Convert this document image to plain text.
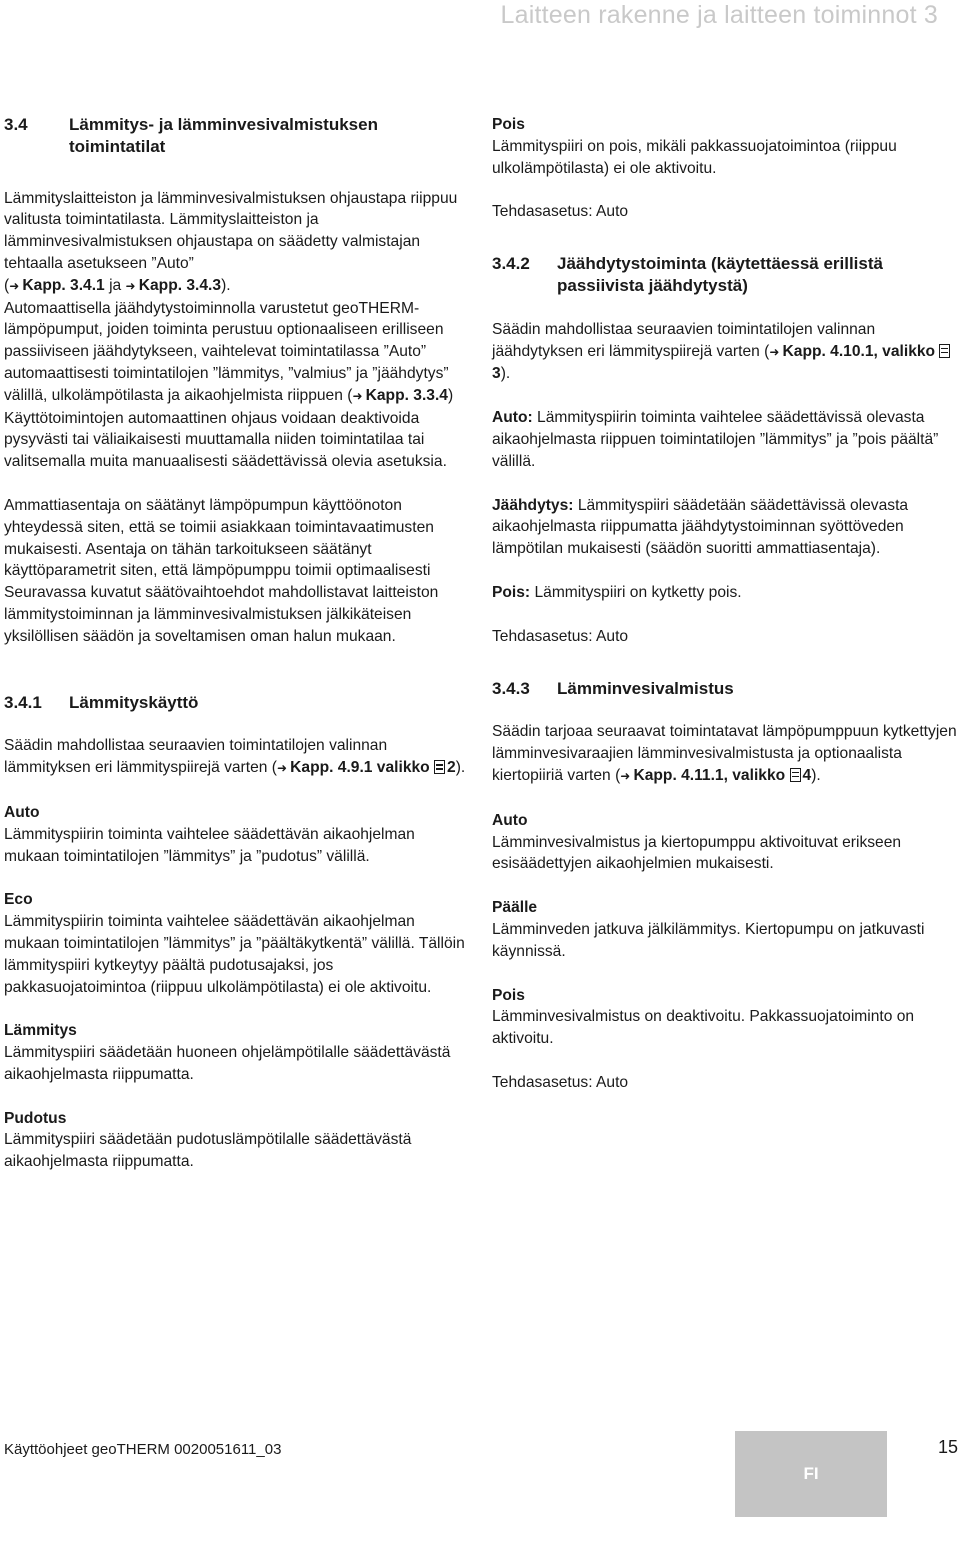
Laitteen rakenne ja laitteen toiminnot 3
3.4	Lämmitys- ja lämminvesivalmistuksen
toimintatilat

Lämmityslaitteiston ja lämminvesivalmistuksen ohjaustapa riippuu valitusta toimintatilasta. Lämmityslaitteiston ja lämminvesivalmistuksen ohjaustapa on säädetty valmistajan tehtaalla asetukseen ”Auto”
(➜  Kapp. 3.4.1 ja ➜  Kapp. 3.4.3).

Automaattisella jäähdytystoiminnolla varustetut geoTHERM-lämpöpumput, joiden toiminta perustuu optionaaliseen erilliseen passiiviseen jäähdytykseen, vaihtelevat toimintatilassa ”Auto” automaattisesti toimintatilojen ”lämmitys, ”valmius” ja ”jäähdytys” välillä, ulkolämpötilasta ja aikaohjelmista riippuen (➜  Kapp. 3.3.4)

Käyttötoimintojen automaattinen ohjaus voidaan deaktivoida pysyvästi tai väliaikaisesti muuttamalla niiden toimintatilaa tai valitsemalla muita manuaalisesti säädettävissä olevia asetuksia.

Ammattiasentaja on säätänyt lämpöpumpun käyttöönoton yhteydessä siten, että se toimii asiakkaan toimintavaatimusten mukaisesti. Asentaja on tähän tarkoitukseen säätänyt käyttöparametrit siten, että lämpöpumppu toimii optimaalisesti Seuravassa kuvatut säätövaihtoehdot mahdollistavat laitteiston lämmitystoiminnan ja lämminvesivalmistuksen jälkikäteisen yksilöllisen säädön ja soveltamisen oman halun mukaan.

3.4.1	Lämmityskäyttö

Säädin mahdollistaa seuraavien toimintatilojen valinnan lämmityksen eri lämmityspiirejä varten (➜  Kapp. 4.9.1 valikko 2).

Auto

Lämmityspiirin toiminta vaihtelee säädettävän aikaohjelman mukaan toimintatilojen ”lämmitys” ja ”pudotus” välillä.

Eco

Lämmityspiirin toiminta vaihtelee säädettävän aikaohjelman mukaan toimintatilojen ”lämmitys” ja ”päältäkytkentä” välillä. Tällöin lämmityspiiri kytkeytyy päältä pudotusajaksi, jos pakkasuojatoimintoa (riippuu ulkolämpötilasta) ei ole aktivoitu.

Lämmitys

Lämmityspiiri säädetään huoneen ohjelämpötilalle säädettävästä aikaohjelmasta riippumatta.

Pudotus

Lämmityspiiri säädetään pudotuslämpötilalle säädettävästä aikaohjelmasta riippumatta.

Pois

Lämmityspiiri on pois, mikäli pakkassuojatoimintoa (riippuu ulkolämpötilasta) ei ole aktivoitu.

Tehdasasetus: Auto

3.4.2	Jäähdytystoiminta (käytettäessä erillistä
passiivista jäähdytystä)

Säädin mahdollistaa seuraavien toimintatilojen valinnan jäähdytyksen eri lämmityspiirejä varten (➜  Kapp. 4.10.1, valikko 3).

Auto: Lämmityspiirin toiminta vaihtelee säädettävissä olevasta aikaohjelmasta riippuen toimintatilojen ”lämmitys” ja ”pois päältä” välillä.
Jäähdytys: Lämmityspiiri säädetään säädettävissä olevasta aikaohjelmasta riippumatta jäähdytystoiminnan syöttöveden lämpötilan mukaisesti (säädön suoritti ammattiasentaja).
Pois: Lämmityspiiri on kytketty pois.

Tehdasasetus: Auto

3.4.3	Lämminvesivalmistus

Säädin tarjoaa seuraavat toimintatavat lämpöpumppuun kytkettyjen lämminvesivaraajien lämminvesivalmistusta ja optionaalista kiertopiiriä varten (➜  Kapp. 4.11.1, valikko 4).

Auto

Lämminvesivalmistus ja kiertopumppu aktivoituvat erikseen esisäädettyjen aikaohjelmien mukaisesti.

Päälle

Lämminveden jatkuva jälkilämmitys. Kiertopumpu on jatkuvasti käynnissä.

Pois

Lämminvesivalmistus on deaktivoitu. Pakkassuojatoiminto on aktivoitu.

Tehdasasetus: Auto

Käyttöohjeet geoTHERM 0020051611_03
FI
15
